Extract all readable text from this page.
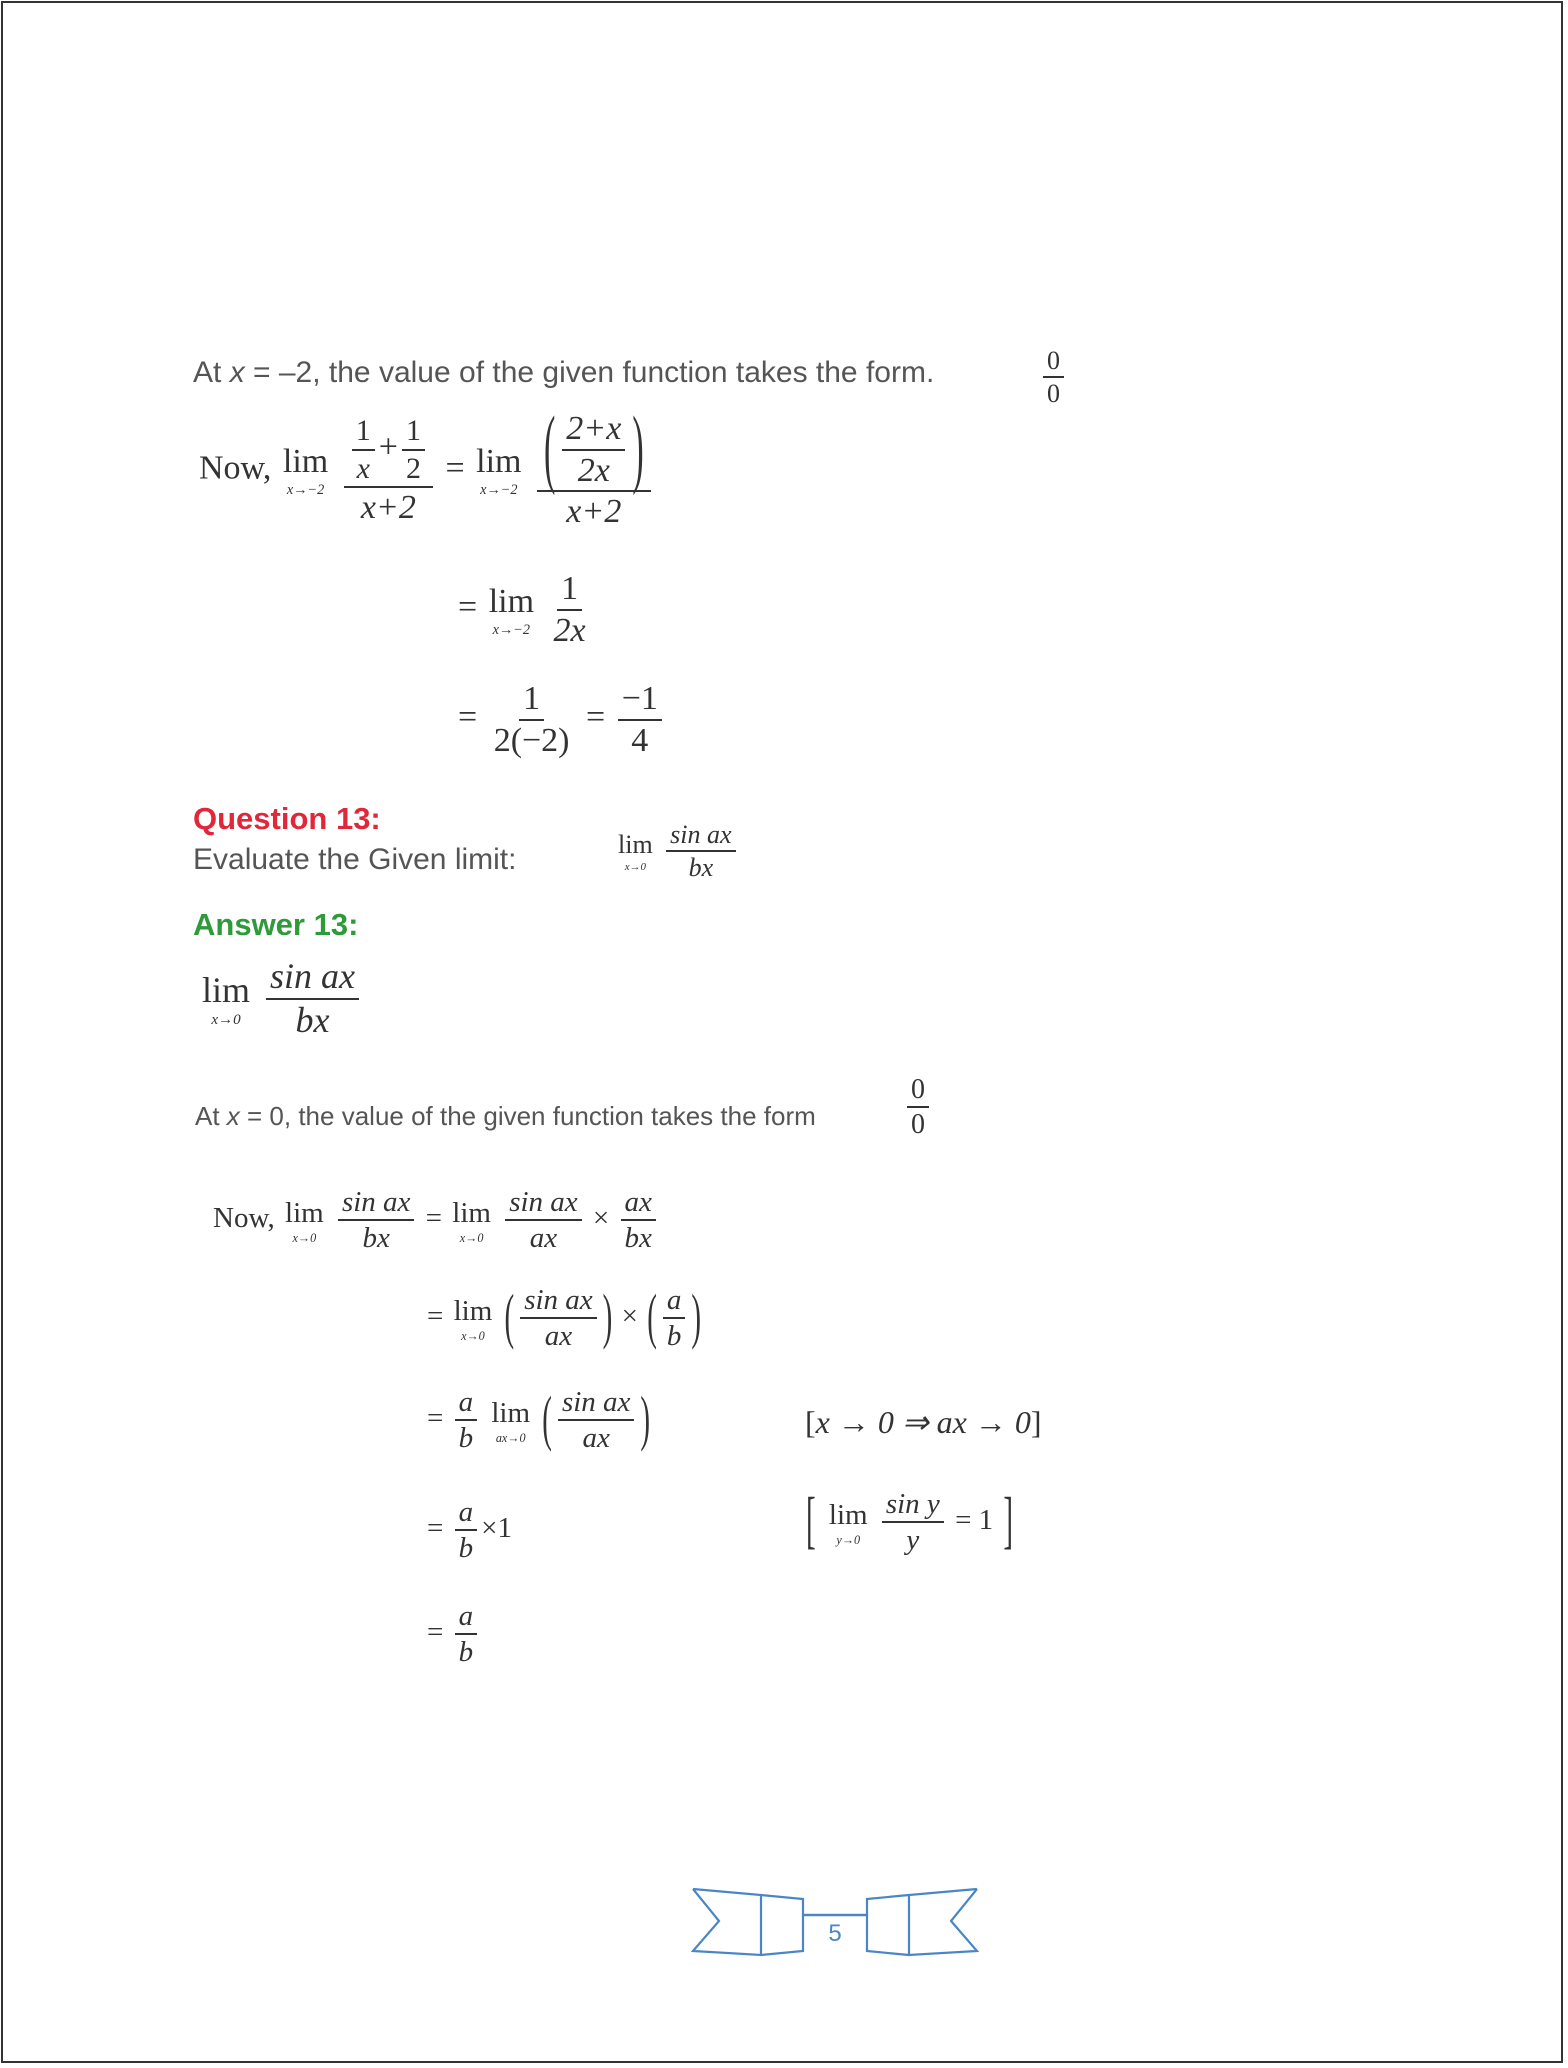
At x = –2, the value of the given function takes the form.	$\frac{0}{0}$
Now, lim
x→−2
$\frac{\frac{1}{x} + \frac{1}{2}}{x+2} = \lim$
x→−2
$\frac{( \frac{2+x}{2x} )}{x+2}$
= lim
x→−2
$\frac{1}{2x}$
= $\frac{1}{2(-2)} = \frac{-1}{4}$
Question 13:
Evaluate the Given limit:	lim
x→0
$\frac{\text{sin ax}}{bx}$
Answer 13:
lim
x→0
$\frac{\text{sin ax}}{bx}$
At x = 0, the value of the given function takes the form	$\frac{0}{0}$
Now, lim
x→0
$\frac{\text{sin ax}}{bx} = \lim$
x→0
$\frac{\text{sin ax}}{ax} \times \frac{ax}{bx}$
= lim
x→0 ( $\frac{\text{sin ax}}{ax}$ ) × ( $\frac{a}{b}$ )
= $\frac{a}{b}$
lim
ax→0 ( $\frac{\text{sin ax}}{ax}$ )	[x → 0 ⇒ ax → 0]
= $\frac{a}{b} \times 1$	[ lim
y→0
$\frac{\text{sin y}}{y} = 1$ ]
= $\frac{a}{b}$
5
